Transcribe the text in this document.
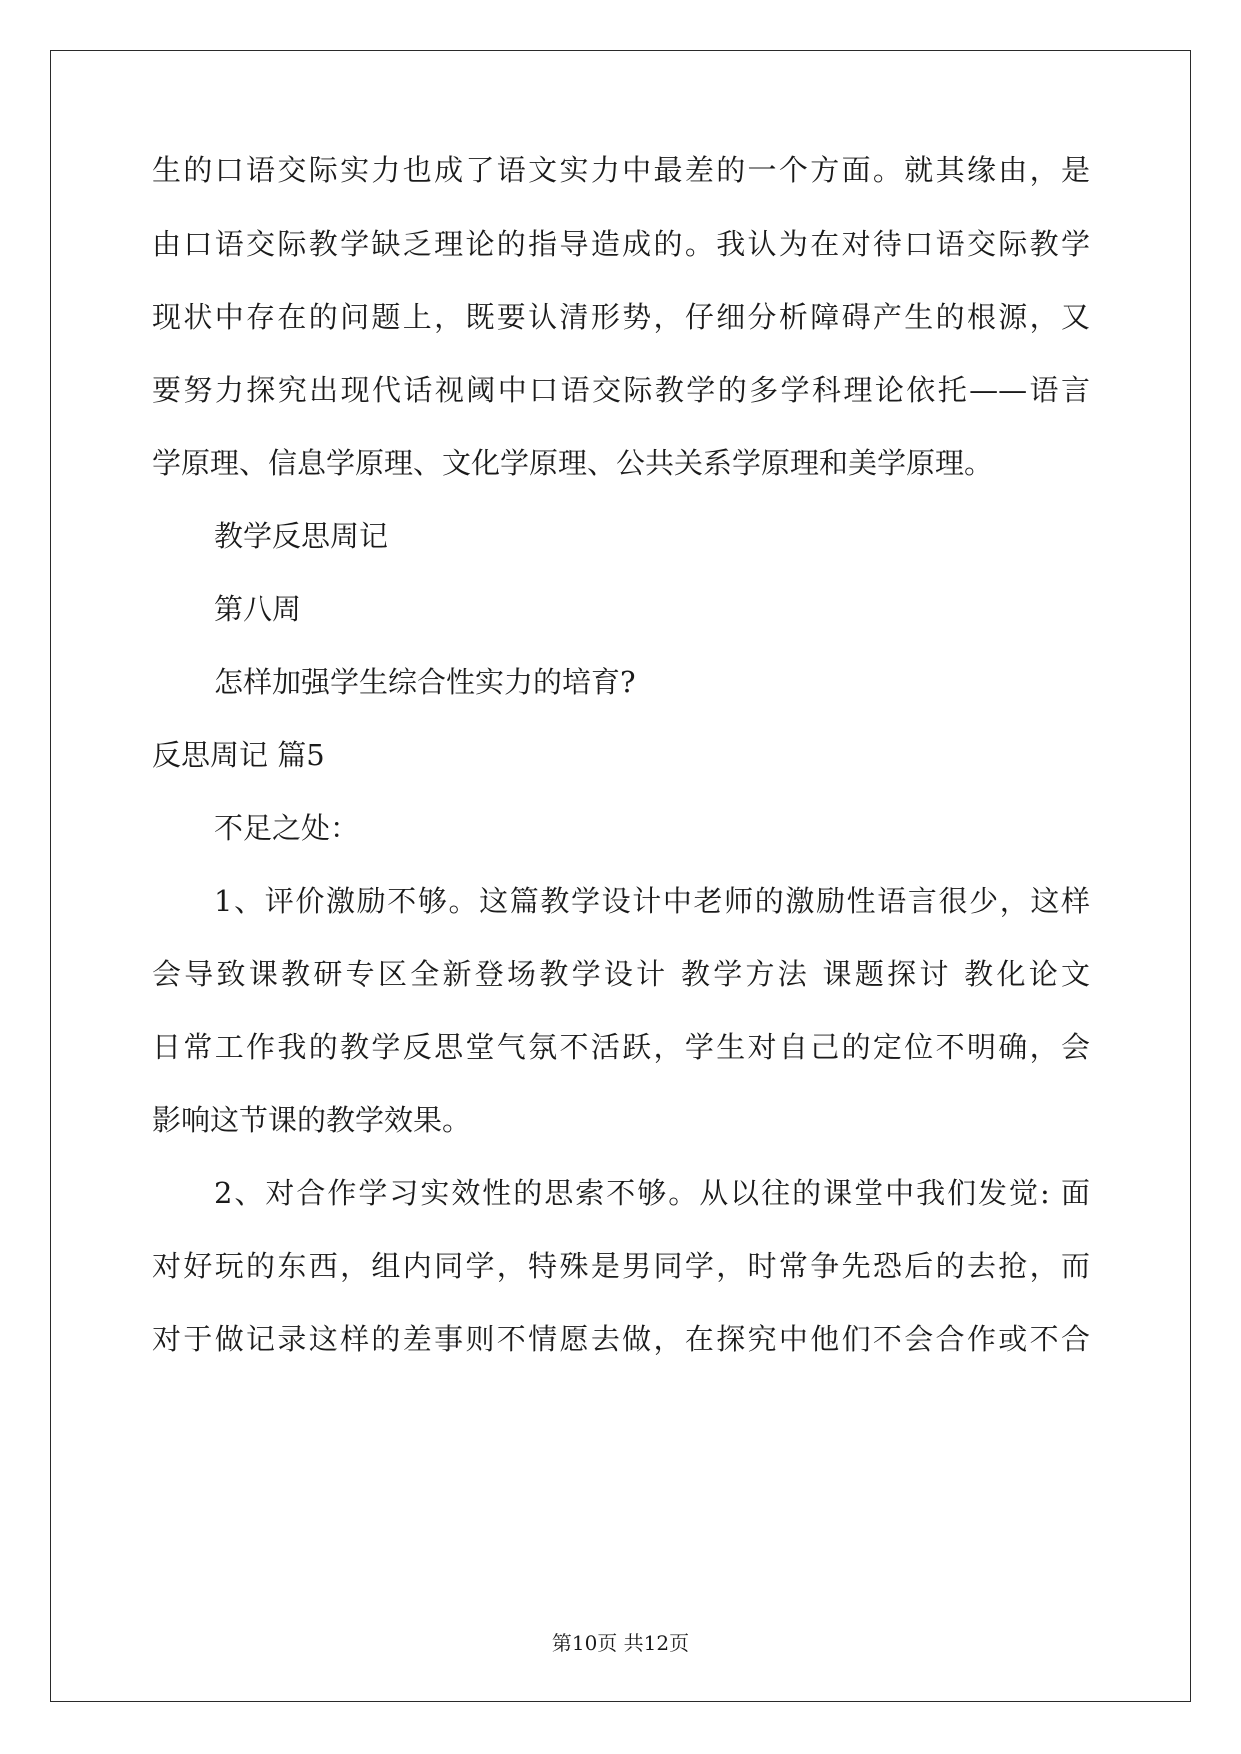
生的口语交际实力也成了语文实力中最差的一个方面。就其缘由，是
由口语交际教学缺乏理论的指导造成的。我认为在对待口语交际教学
现状中存在的问题上，既要认清形势，仔细分析障碍产生的根源，又
要努力探究出现代话视阈中口语交际教学的多学科理论依托——语言
学原理、信息学原理、文化学原理、公共关系学原理和美学原理。
教学反思周记
第八周
怎样加强学生综合性实力的培育?
反思周记 篇5
不足之处：
1、评价激励不够。这篇教学设计中老师的激励性语言很少，这样
会导致课教研专区全新登场教学设计 教学方法 课题探讨 教化论文
日常工作我的教学反思堂气氛不活跃，学生对自己的定位不明确，会
影响这节课的教学效果。
2、对合作学习实效性的思索不够。从以往的课堂中我们发觉: 面
对好玩的东西，组内同学，特殊是男同学，时常争先恐后的去抢，而
对于做记录这样的差事则不情愿去做，在探究中他们不会合作或不合
第10页 共12页
